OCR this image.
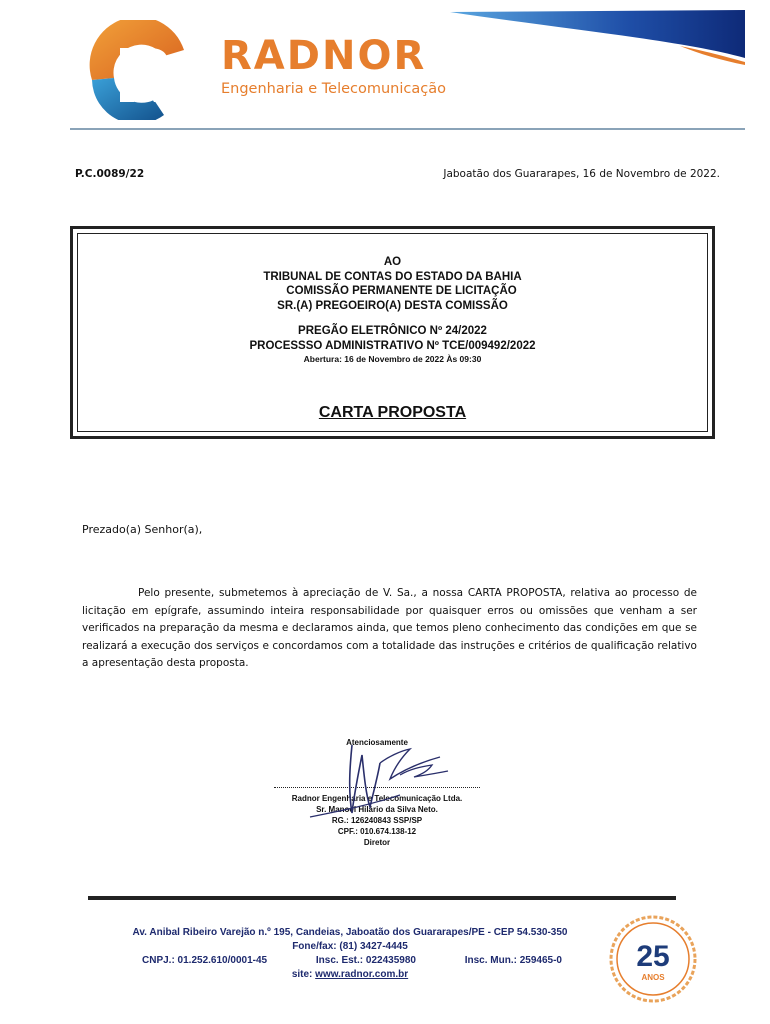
RADNOR
Engenharia e Telecomunicação
P.C.0089/22	Jaboatão dos Guararapes, 16 de Novembro de 2022.
AO
TRIBUNAL DE CONTAS DO ESTADO DA BAHIA
COMISSÃO PERMANENTE DE LICITAÇÃO
SR.(A) PREGOEIRO(A) DESTA COMISSÃO
PREGÃO ELETRÔNICO Nº 24/2022
PROCESSSO ADMINISTRATIVO Nº TCE/009492/2022
Abertura: 16 de Novembro de 2022 Às 09:30
CARTA PROPOSTA
Prezado(a) Senhor(a),

Pelo presente, submetemos à apreciação de V. Sa., a nossa CARTA PROPOSTA, relativa ao processo de licitação em epígrafe, assumindo inteira responsabilidade por quaisquer erros ou omissões que venham a ser verificados na preparação da mesma e declaramos ainda, que temos pleno conhecimento das condições em que se realizará a execução dos serviços e concordamos com a totalidade das instruções e critérios de qualificação relativo a apresentação desta proposta.

Atenciosamente
Radnor Engenharia e Telecomunicação Ltda.
Sr. Manoel Hilário da Silva Neto.
RG.: 126240843 SSP/SP
CPF.: 010.674.138-12
Diretor
Av. Anibal Ribeiro Varejão n.º 195, Candeias, Jaboatão dos Guararapes/PE - CEP 54.530-350
Fone/fax: (81) 3427-4445
CNPJ.: 01.252.610/0001-45	Insc. Est.: 022435980	Insc. Mun.: 259465-0
site: www.radnor.com.br
25
ANOS
